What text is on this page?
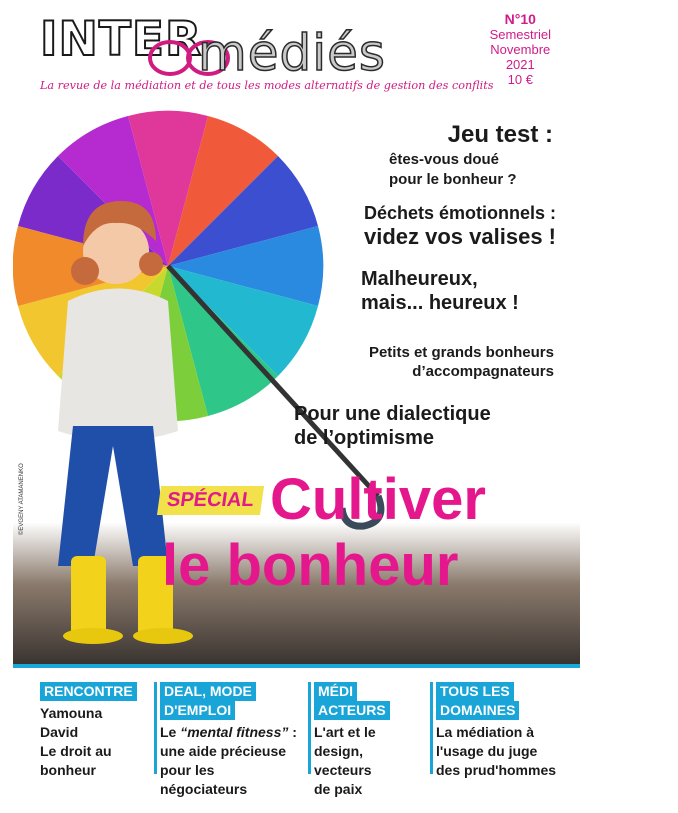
INTER
médiés
La revue de la médiation et de tous les modes alternatifs de gestion des conflits
N°10
Semestriel
Novembre
2021
10 €
©EVGENY ATAMANENKO
Jeu test :
êtes-vous doué
pour le bonheur ?
Déchets émotionnels :
videz vos valises !
Malheureux,
mais... heureux !
Petits et grands bonheurs
d’accompagnateurs
Pour une dialectique
de l’optimisme
SPÉCIAL Cultiver
le bonheur
RENCONTRE
Yamouna
David
Le droit au
bonheur
DEAL, MODE
D'EMPLOI
Le “mental fitness” :
une aide précieuse
pour les négociateurs
MÉDI
ACTEURS
L'art et le
design, vecteurs
de paix
TOUS LES
DOMAINES
La médiation à
l'usage du juge
des prud'hommes
